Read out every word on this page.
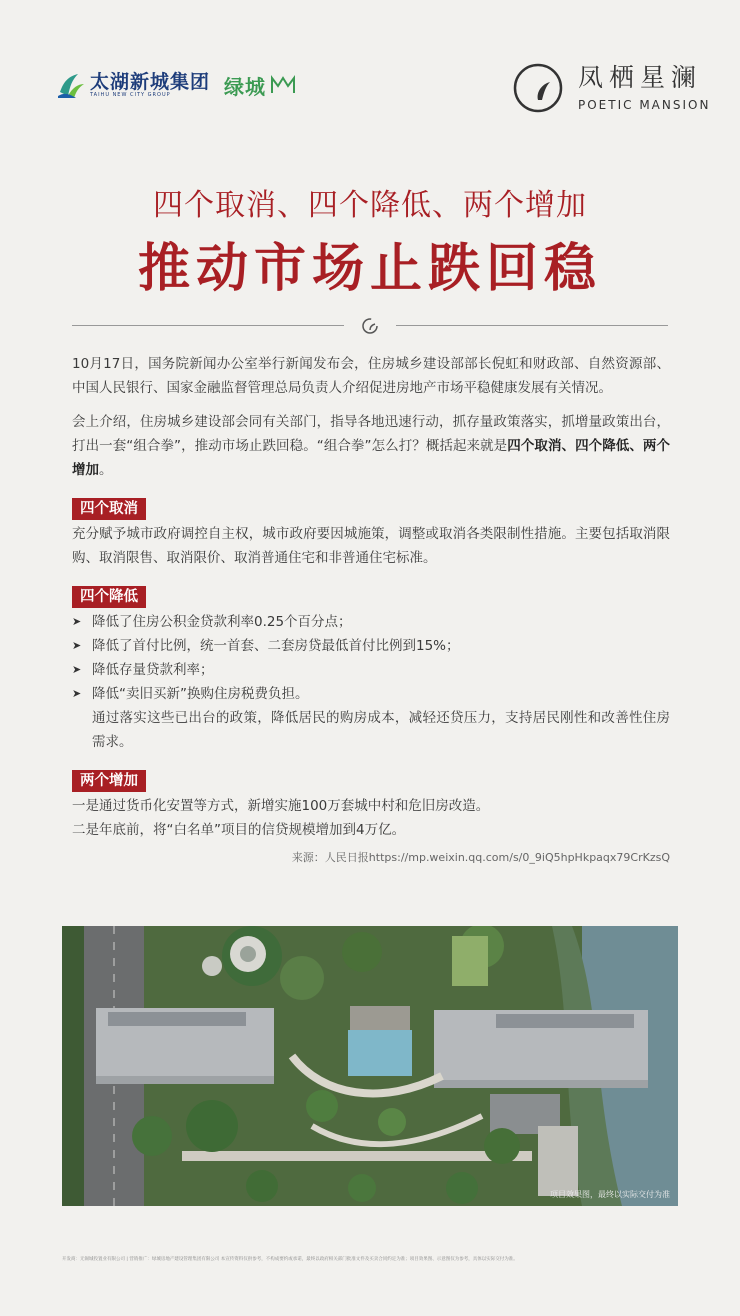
太湖新城集团
TAIHU NEW CITY GROUP	绿城	凤栖星澜
POETIC MANSION
四个取消、四个降低、两个增加
推动市场止跌回稳

10月17日，国务院新闻办公室举行新闻发布会，住房城乡建设部部长倪虹和财政部、自然资源部、中国人民银行、国家金融监督管理总局负责人介绍促进房地产市场平稳健康发展有关情况。

会上介绍，住房城乡建设部会同有关部门，指导各地迅速行动，抓存量政策落实，抓增量政策出台，打出一套“组合拳”，推动市场止跌回稳。“组合拳”怎么打？概括起来就是四个取消、四个降低、两个增加。

四个取消

充分赋予城市政府调控自主权，城市政府要因城施策，调整或取消各类限制性措施。主要包括取消限购、取消限售、取消限价、取消普通住宅和非普通住宅标准。

四个降低
➤ 降低了住房公积金贷款利率0.25个百分点；
➤ 降低了首付比例，统一首套、二套房贷最低首付比例到15%；
➤ 降低存量贷款利率；
➤ 降低“卖旧买新”换购住房税费负担。

通过落实这些已出台的政策，降低居民的购房成本，减轻还贷压力，支持居民刚性和改善性住房需求。

两个增加
一是通过货币化安置等方式，新增实施100万套城中村和危旧房改造。
二是年底前，将“白名单”项目的信贷规模增加到4万亿。
来源：人民日报https://mp.weixin.qq.com/s/0_9iQ5hpHkpaqx79CrKzsQ
项目效果图，最终以实际交付为准
开发商：无锡城投置业有限公司 | 营销推广：绿城房地产建设管理集团有限公司 本宣传资料仅供参考，不构成要约或承诺，最终以政府相关部门批准文件及买卖合同约定为准；项目效果图、示意图仅为参考，具体以实际交付为准。
